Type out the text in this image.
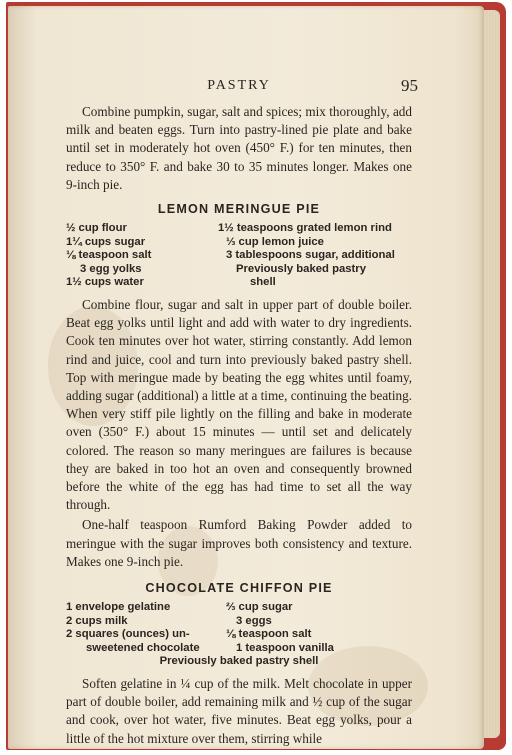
PASTRY	95

Combine pumpkin, sugar, salt and spices; mix thoroughly, add milk and beaten eggs. Turn into pastry-lined pie plate and bake until set in moderately hot oven (450° F.) for ten minutes, then reduce to 350° F. and bake 30 to 35 minutes longer. Makes one 9-inch pie.

LEMON MERINGUE PIE
½ cup flour
1¼ cups sugar
⅛ teaspoon salt
3 egg yolks
1½ cups water
1½ teaspoons grated lemon rind
⅓ cup lemon juice
3 tablespoons sugar, additional
Previously baked pastry
shell

Combine flour, sugar and salt in upper part of double boiler. Beat egg yolks until light and add with water to dry ingredients. Cook ten minutes over hot water, stirring constantly. Add lemon rind and juice, cool and turn into previously baked pastry shell. Top with meringue made by beating the egg whites until foamy, adding sugar (additional) a little at a time, continuing the beating. When very stiff pile lightly on the filling and bake in moderate oven (350° F.) about 15 minutes — until set and delicately colored. The reason so many meringues are failures is because they are baked in too hot an oven and consequently browned before the white of the egg has had time to set all the way through.

One-half teaspoon Rumford Baking Powder added to meringue with the sugar improves both consistency and texture. Makes one 9-inch pie.

CHOCOLATE CHIFFON PIE
1 envelope gelatine
2 cups milk
2 squares (ounces) un-
sweetened chocolate
⅔ cup sugar
3 eggs
⅛ teaspoon salt
1 teaspoon vanilla
Previously baked pastry shell

Soften gelatine in ¼ cup of the milk. Melt chocolate in upper part of double boiler, add remaining milk and ½ cup of the sugar and cook, over hot water, five minutes. Beat egg yolks, pour a little of the hot mixture over them, stirring while
